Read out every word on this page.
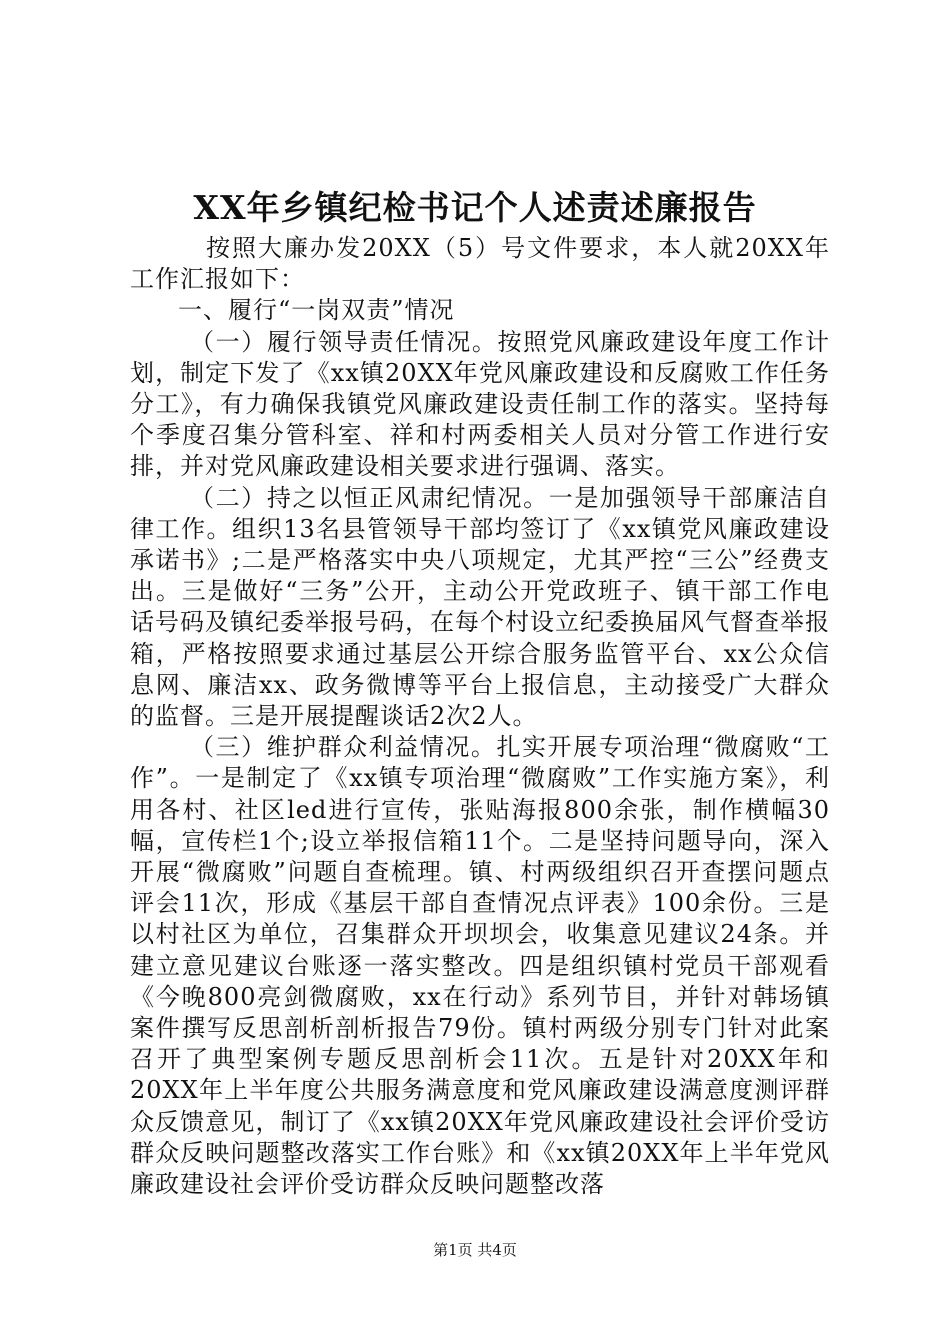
XX年乡镇纪检书记个人述责述廉报告

按照大廉办发20XX（5）号文件要求，本人就20XX年工作汇报如下：

一、履行“一岗双责”情况

（一）履行领导责任情况。按照党风廉政建设年度工作计划，制定下发了《xx镇20XX年党风廉政建设和反腐败工作任务分工》，有力确保我镇党风廉政建设责任制工作的落实。坚持每个季度召集分管科室、祥和村两委相关人员对分管工作进行安排，并对党风廉政建设相关要求进行强调、落实。

（二）持之以恒正风肃纪情况。一是加强领导干部廉洁自律工作。组织13名县管领导干部均签订了《xx镇党风廉政建设承诺书》;二是严格落实中央八项规定，尤其严控“三公”经费支出。三是做好“三务”公开，主动公开党政班子、镇干部工作电话号码及镇纪委举报号码，在每个村设立纪委换届风气督查举报箱，严格按照要求通过基层公开综合服务监管平台、xx公众信息网、廉洁xx、政务微博等平台上报信息，主动接受广大群众的监督。三是开展提醒谈话2次2人。

（三）维护群众利益情况。扎实开展专项治理“微腐败“工作”。一是制定了《xx镇专项治理“微腐败”工作实施方案》，利用各村、社区led进行宣传，张贴海报800余张，制作横幅30幅，宣传栏1个;设立举报信箱11个。二是坚持问题导向，深入开展“微腐败”问题自查梳理。镇、村两级组织召开查摆问题点评会11次，形成《基层干部自查情况点评表》100余份。三是以村社区为单位，召集群众开坝坝会，收集意见建议24条。并建立意见建议台账逐一落实整改。四是组织镇村党员干部观看《今晚800亮剑微腐败，xx在行动》系列节目，并针对韩场镇案件撰写反思剖析剖析报告79份。镇村两级分别专门针对此案召开了典型案例专题反思剖析会11次。五是针对20XX年和20XX年上半年度公共服务满意度和党风廉政建设满意度测评群众反馈意见，制订了《xx镇20XX年党风廉政建设社会评价受访群众反映问题整改落实工作台账》和《xx镇20XX年上半年党风廉政建设社会评价受访群众反映问题整改落

第1页 共4页
